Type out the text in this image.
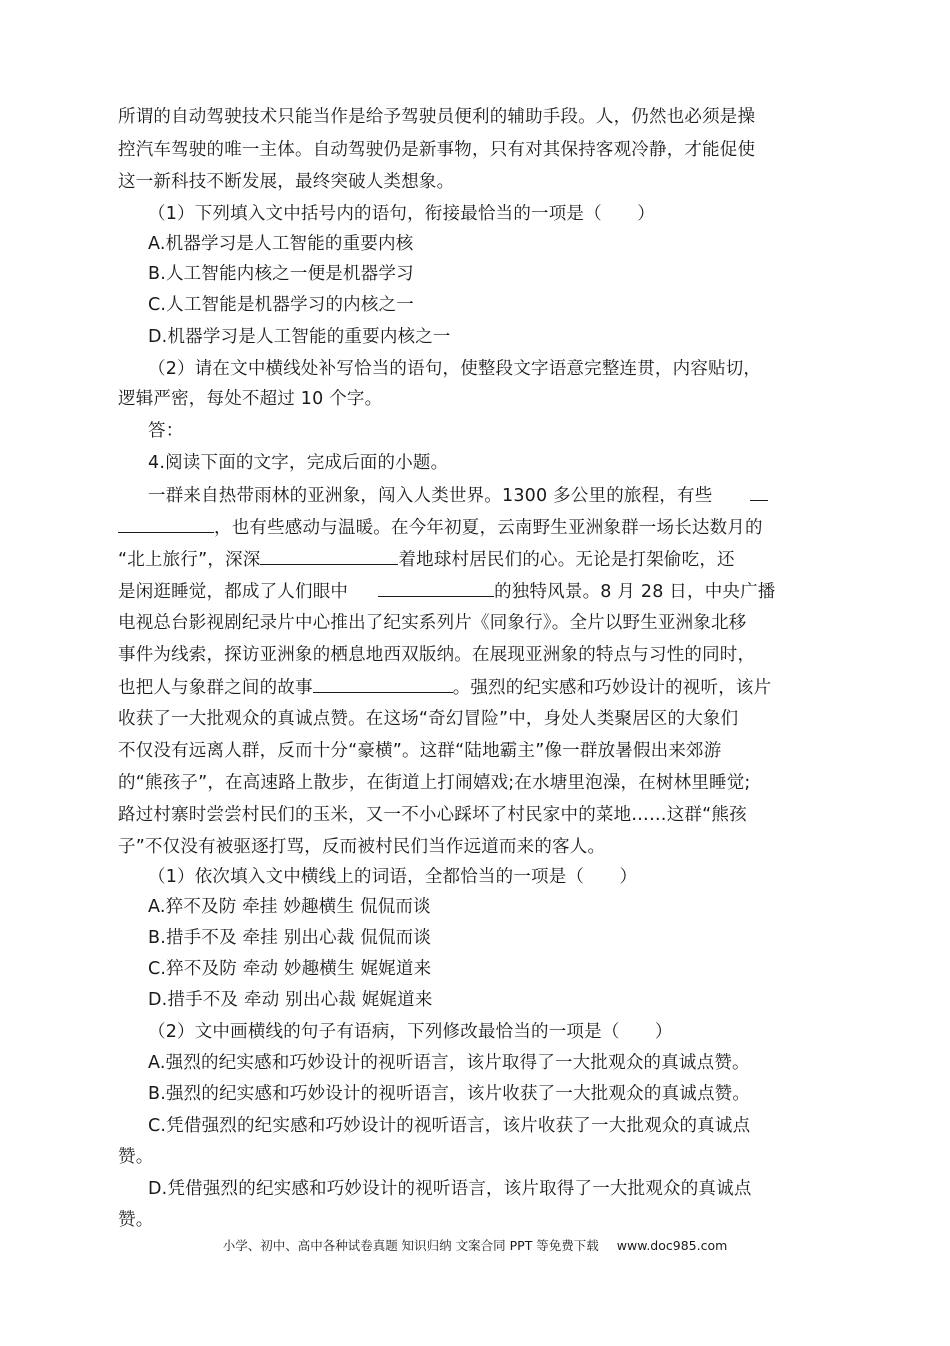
所谓的自动驾驶技术只能当作是给予驾驶员便利的辅助手段。人，仍然也必须是操
控汽车驾驶的唯一主体。自动驾驶仍是新事物，只有对其保持客观冷静，才能促使
这一新科技不断发展，最终突破人类想象。
（1）下列填入文中括号内的语句，衔接最恰当的一项是（　　）
A.机器学习是人工智能的重要内核
B.人工智能内核之一便是机器学习
C.人工智能是机器学习的内核之一
D.机器学习是人工智能的重要内核之一
（2）请在文中横线处补写恰当的语句，使整段文字语意完整连贯，内容贴切，
逻辑严密，每处不超过 10 个字。
答：
4.阅读下面的文字，完成后面的小题。
一群来自热带雨林的亚洲象，闯入人类世界。1300 多公里的旅程，有些
，也有些感动与温暖。在今年初夏，云南野生亚洲象群一场长达数月的
“北上旅行”，深深	着地球村居民们的心。无论是打架偷吃，还
是闲逛睡觉，都成了人们眼中	的独特风景。8 月 28 日，中央广播
电视总台影视剧纪录片中心推出了纪实系列片《同象行》。全片以野生亚洲象北移
事件为线索，探访亚洲象的栖息地西双版纳。在展现亚洲象的特点与习性的同时，
也把人与象群之间的故事	。强烈的纪实感和巧妙设计的视听，该片
收获了一大批观众的真诚点赞。在这场“奇幻冒险”中，身处人类聚居区的大象们
不仅没有远离人群，反而十分“豪横”。这群“陆地霸主”像一群放暑假出来郊游
的“熊孩子”，在高速路上散步，在街道上打闹嬉戏;在水塘里泡澡，在树林里睡觉;
路过村寨时尝尝村民们的玉米，又一不小心踩坏了村民家中的菜地……这群“熊孩
子”不仅没有被驱逐打骂，反而被村民们当作远道而来的客人。
（1）依次填入文中横线上的词语，全都恰当的一项是（　　）
A.猝不及防 牵挂 妙趣横生 侃侃而谈
B.措手不及 牵挂 别出心裁 侃侃而谈
C.猝不及防 牵动 妙趣横生 娓娓道来
D.措手不及 牵动 别出心裁 娓娓道来
（2）文中画横线的句子有语病，下列修改最恰当的一项是（　　）
A.强烈的纪实感和巧妙设计的视听语言，该片取得了一大批观众的真诚点赞。
B.强烈的纪实感和巧妙设计的视听语言，该片收获了一大批观众的真诚点赞。
C.凭借强烈的纪实感和巧妙设计的视听语言，该片收获了一大批观众的真诚点
赞。
D.凭借强烈的纪实感和巧妙设计的视听语言，该片取得了一大批观众的真诚点
赞。
小学、初中、高中各种试卷真题 知识归纳 文案合同 PPT 等免费下载 www.doc985.com
